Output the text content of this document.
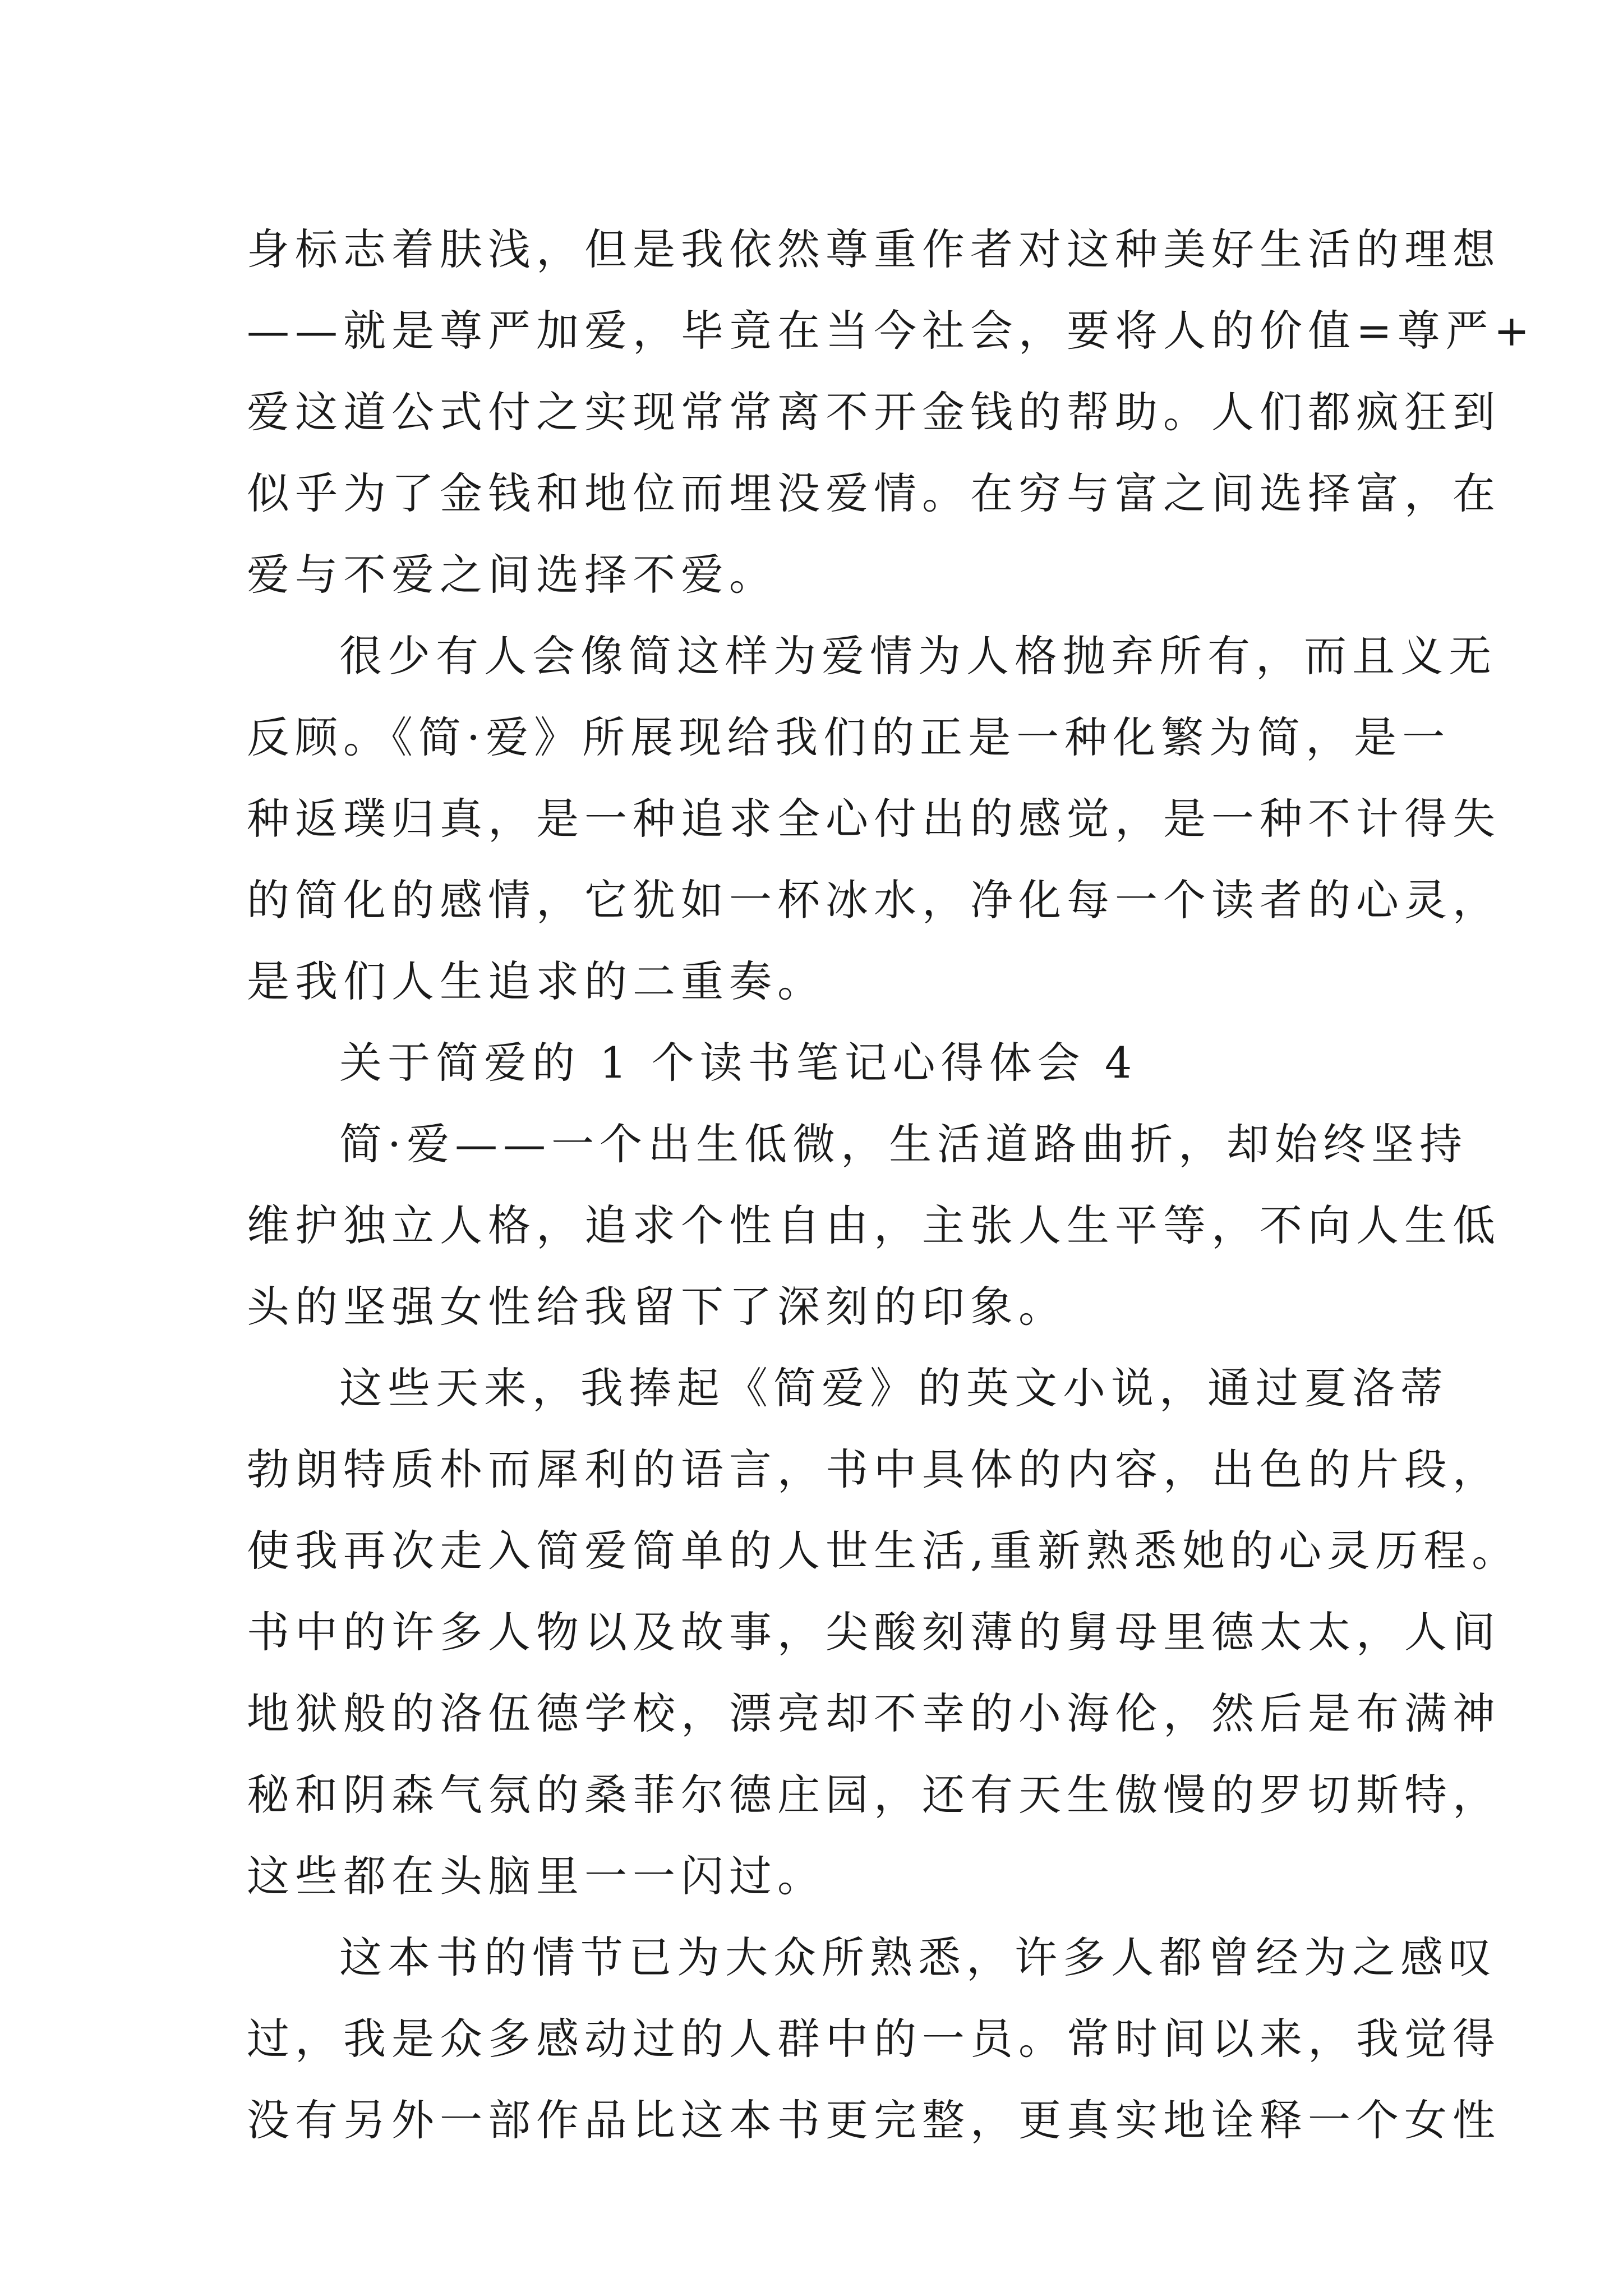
身标志着肤浅，但是我依然尊重作者对这种美好生活的理想
——就是尊严加爱，毕竟在当今社会，要将人的价值=尊严+
爱这道公式付之实现常常离不开金钱的帮助。人们都疯狂到
似乎为了金钱和地位而埋没爱情。在穷与富之间选择富，在
爱与不爱之间选择不爱。
很少有人会像简这样为爱情为人格抛弃所有，而且义无
反顾。《简·爱》所展现给我们的正是一种化繁为简，是一
种返璞归真，是一种追求全心付出的感觉，是一种不计得失
的简化的感情，它犹如一杯冰水，净化每一个读者的心灵，
是我们人生追求的二重奏。
关于简爱的 1 个读书笔记心得体会 4
简·爱——一个出生低微，生活道路曲折，却始终坚持
维护独立人格，追求个性自由，主张人生平等，不向人生低
头的坚强女性给我留下了深刻的印象。
这些天来，我捧起《简爱》的英文小说，通过夏洛蒂
勃朗特质朴而犀利的语言，书中具体的内容，出色的片段，
使我再次走入简爱简单的人世生活,重新熟悉她的心灵历程。
书中的许多人物以及故事，尖酸刻薄的舅母里德太太，人间
地狱般的洛伍德学校，漂亮却不幸的小海伦，然后是布满神
秘和阴森气氛的桑菲尔德庄园，还有天生傲慢的罗切斯特，
这些都在头脑里一一闪过。
这本书的情节已为大众所熟悉，许多人都曾经为之感叹
过，我是众多感动过的人群中的一员。常时间以来，我觉得
没有另外一部作品比这本书更完整，更真实地诠释一个女性
